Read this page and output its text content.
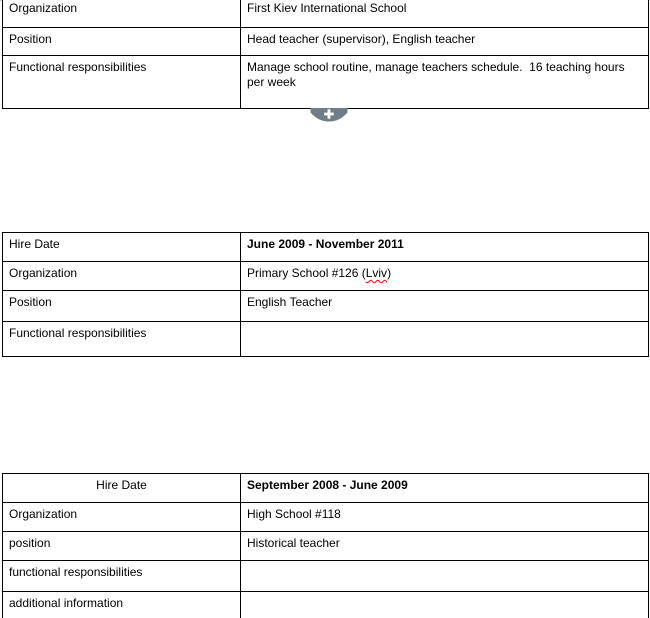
Organization	First Kiev International School
Position	Head teacher (supervisor), English teacher
Functional responsibilities	Manage school routine, manage teachers schedule.  16 teaching hours per week
Hire Date	June 2009 - November 2011
Organization	Primary School #126 (Lviv)
Position	English Teacher
Functional responsibilities	
Hire Date	September 2008 - June 2009
Organization	High School #118
position	Historical teacher
functional responsibilities	
additional information	
